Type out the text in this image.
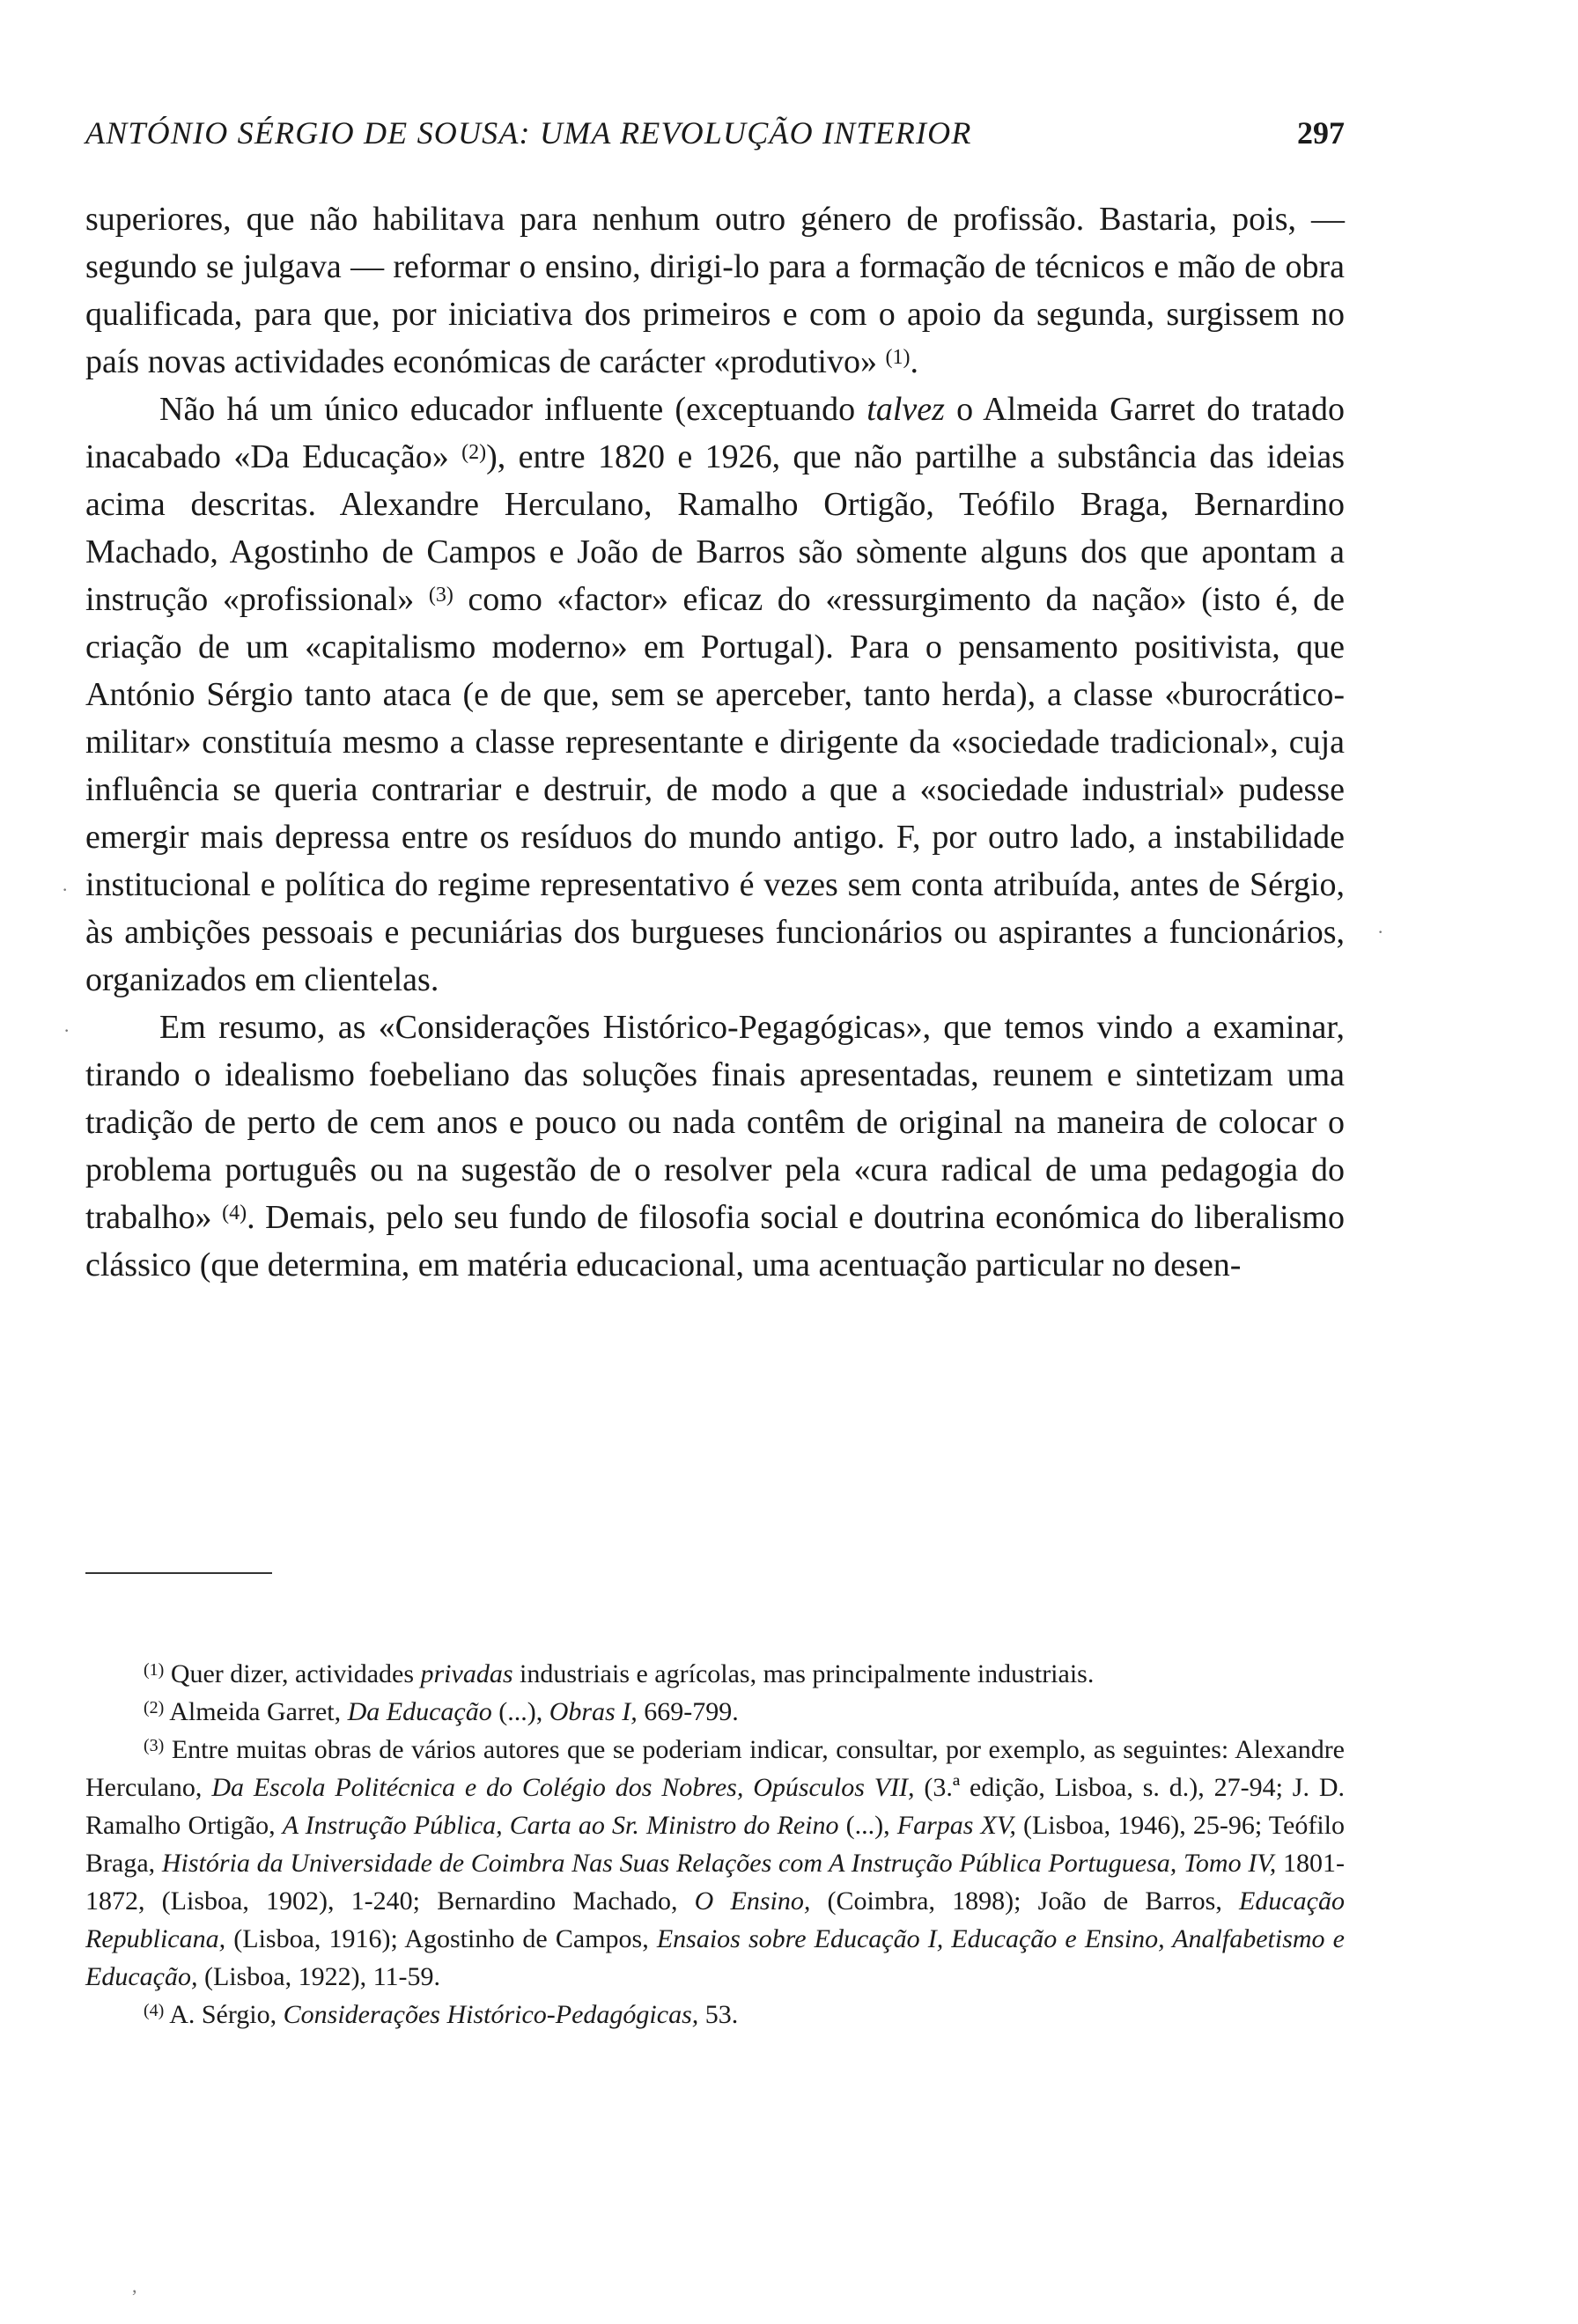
ANTÓNIO SÉRGIO DE SOUSA: UMA REVOLUÇÃO INTERIOR	297

superiores, que não habilitava para nenhum outro género de profissão. Bastaria, pois, — segundo se julgava — reformar o ensino, dirigi-lo para a formação de técnicos e mão de obra qualificada, para que, por iniciativa dos primeiros e com o apoio da segunda, surgissem no país novas actividades económicas de carácter «produtivo» $^{(1)}$.

Não há um único educador influente (exceptuando talvez o Almeida Garret do tratado inacabado «Da Educação» $^{(2)}$), entre 1820 e 1926, que não partilhe a substância das ideias acima descritas. Alexandre Herculano, Ramalho Ortigão, Teófilo Braga, Bernardino Machado, Agostinho de Campos e João de Barros são sòmente alguns dos que apontam a instrução «profissional» $^{(3)}$ como «factor» eficaz do «ressurgimento da nação» (isto é, de criação de um «capitalismo moderno» em Portugal). Para o pensamento positivista, que António Sérgio tanto ataca (e de que, sem se aperceber, tanto herda), a classe «burocrático-militar» constituía mesmo a classe representante e dirigente da «sociedade tradicional», cuja influência se queria contrariar e destruir, de modo a que a «sociedade industrial» pudesse emergir mais depressa entre os resíduos do mundo antigo. F, por outro lado, a instabilidade institucional e política do regime representativo é vezes sem conta atribuída, antes de Sérgio, às ambições pessoais e pecuniárias dos burgueses funcionários ou aspirantes a funcionários, organizados em clientelas.

Em resumo, as «Considerações Histórico-Pegagógicas», que temos vindo a examinar, tirando o idealismo foebeliano das soluções finais apresentadas, reunem e sintetizam uma tradição de perto de cem anos e pouco ou nada contêm de original na maneira de colocar o problema português ou na sugestão de o resolver pela «cura radical de uma pedagogia do trabalho» $^{(4)}$. Demais, pelo seu fundo de filosofia social e doutrina económica do liberalismo clássico (que determina, em matéria educacional, uma acentuação particular no desen-

$^{(1)}$ Quer dizer, actividades privadas industriais e agrícolas, mas principalmente industriais.

$^{(2)}$ Almeida Garret, Da Educação (...), Obras I, 669-799.

$^{(3)}$ Entre muitas obras de vários autores que se poderiam indicar, consultar, por exemplo, as seguintes: Alexandre Herculano, Da Escola Politécnica e do Colégio dos Nobres, Opúsculos VII, (3.ª edição, Lisboa, s. d.), 27-94; J. D. Ramalho Ortigão, A Instrução Pública, Carta ao Sr. Ministro do Reino (...), Farpas XV, (Lisboa, 1946), 25-96; Teófilo Braga, História da Universidade de Coimbra Nas Suas Relações com A Instrução Pública Portuguesa, Tomo IV, 1801-1872, (Lisboa, 1902), 1-240; Bernardino Machado, O Ensino, (Coimbra, 1898); João de Barros, Educação Republicana, (Lisboa, 1916); Agostinho de Campos, Ensaios sobre Educação I, Educação e Ensino, Analfabetismo e Educação, (Lisboa, 1922), 11-59.

$^{(4)}$ A. Sérgio, Considerações Histórico-Pedagógicas, 53.

·
·
·
,
